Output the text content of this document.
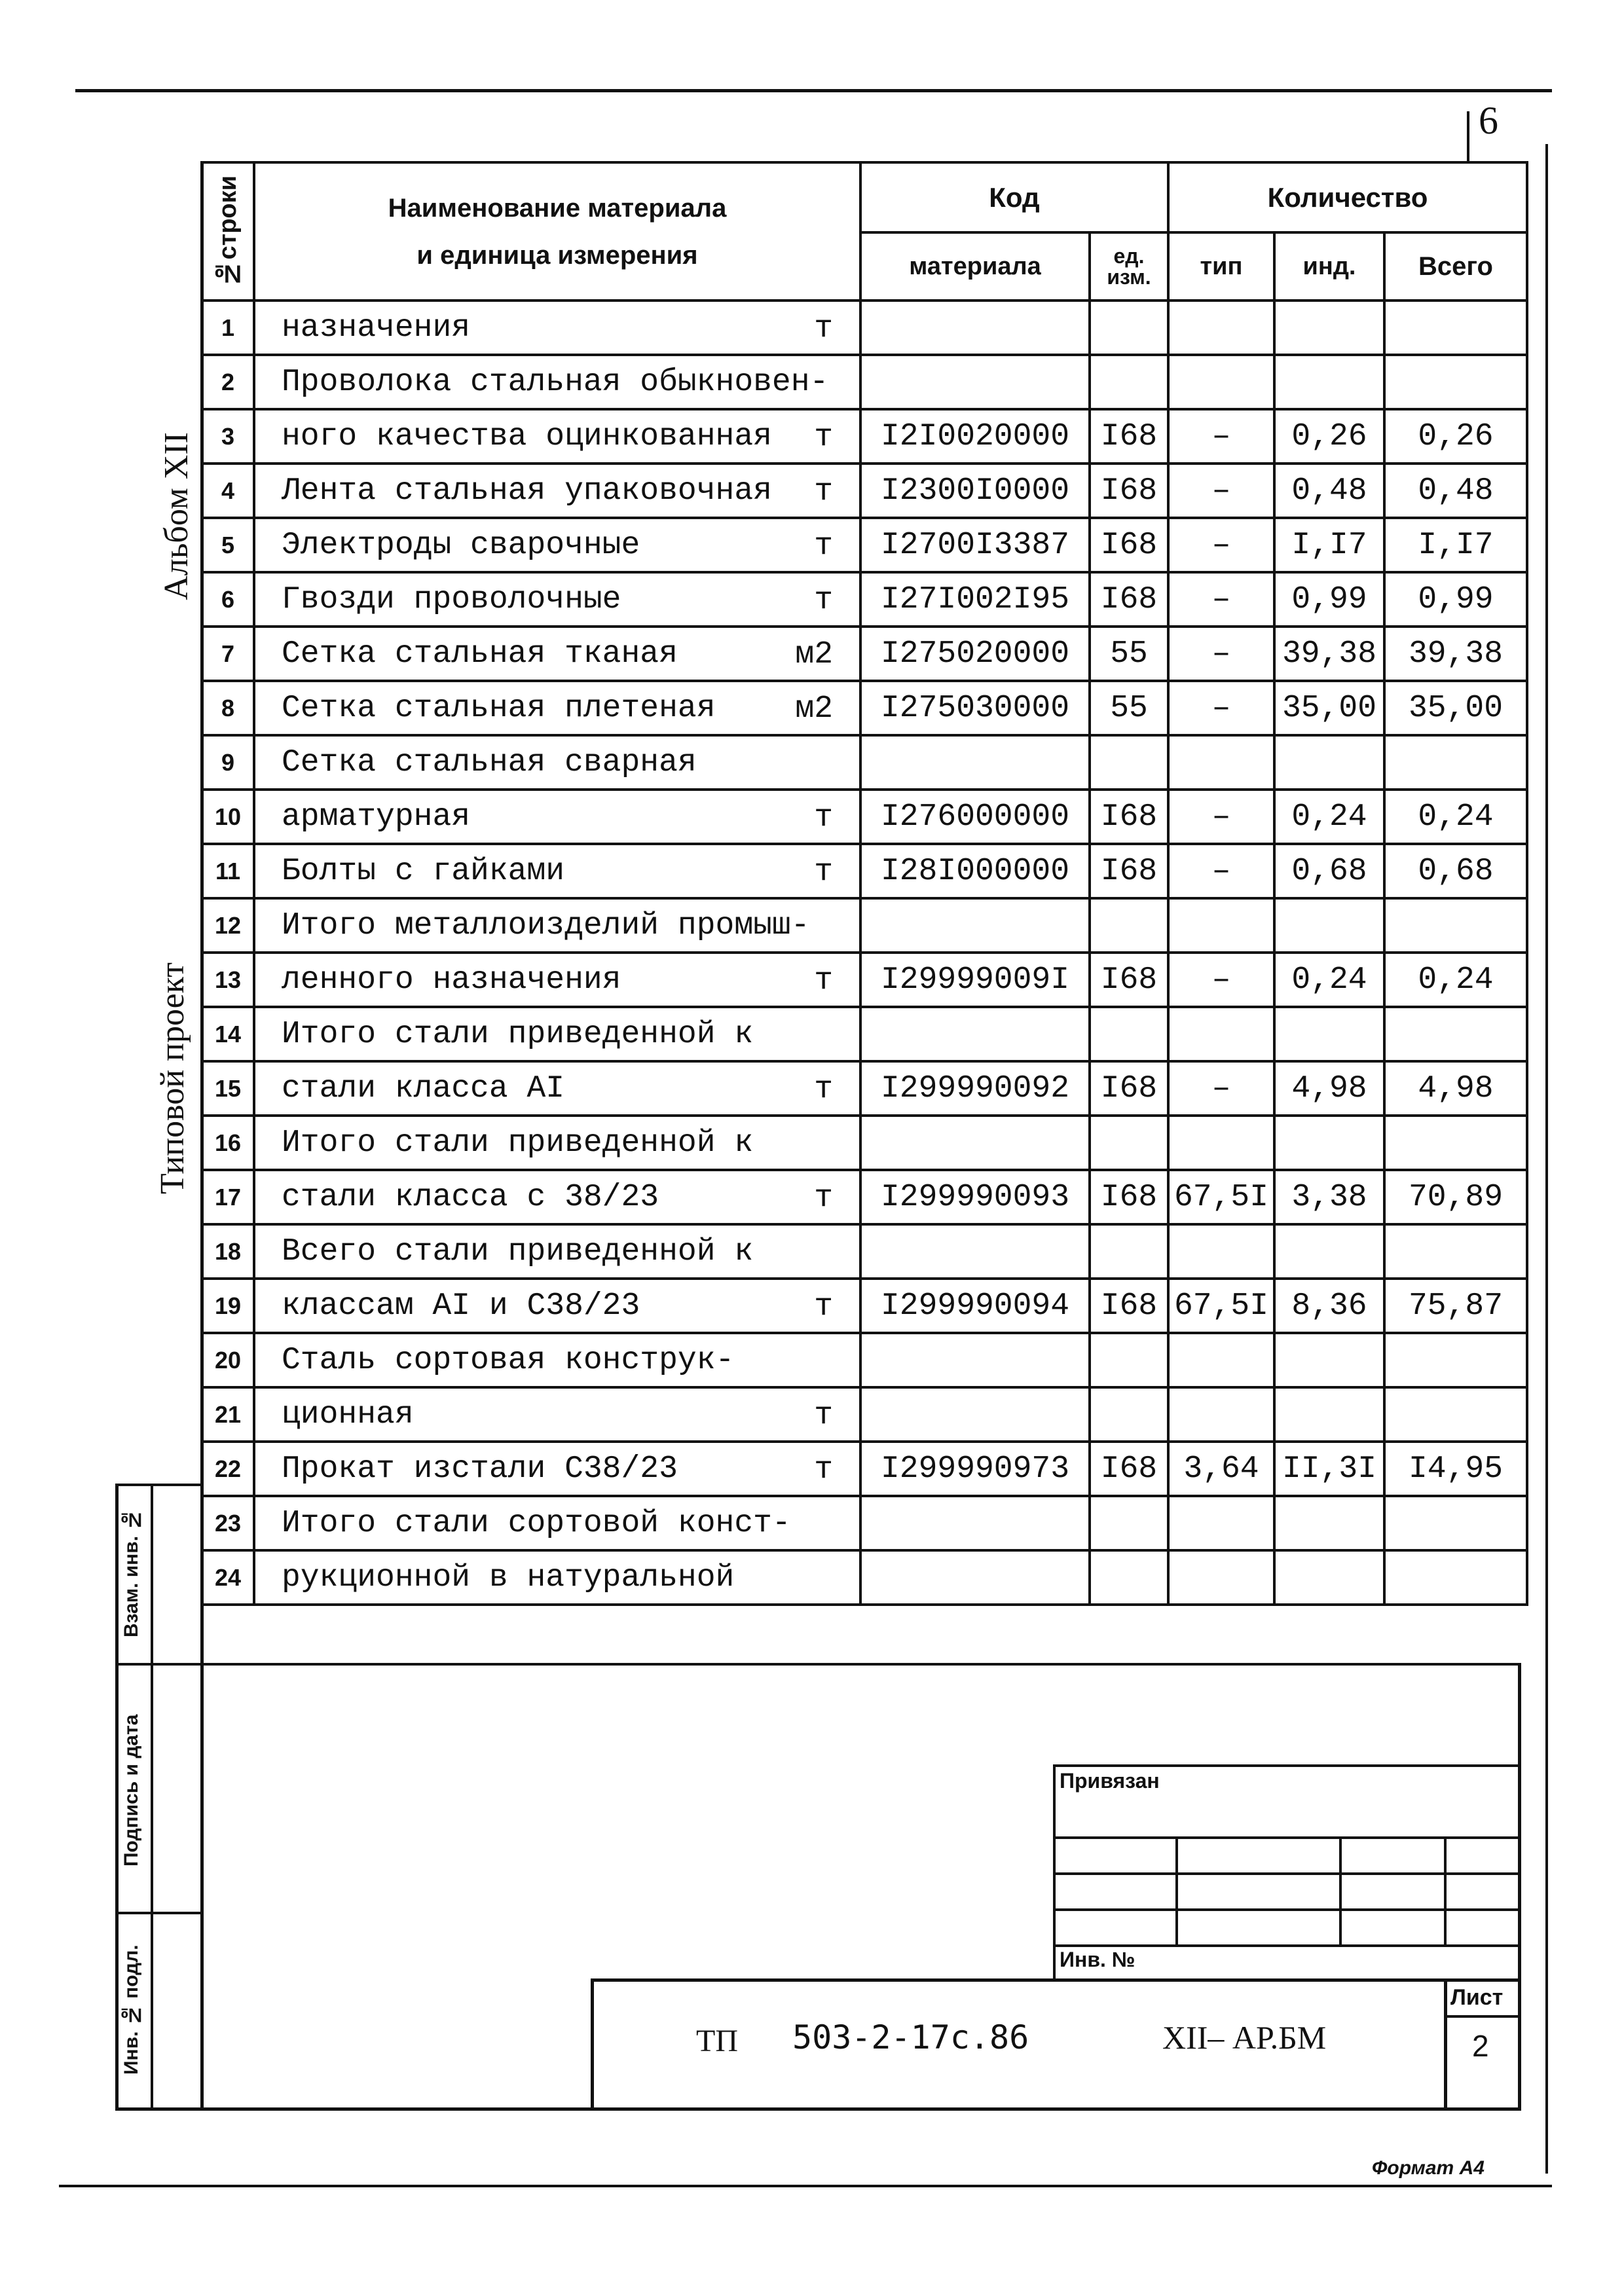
6
Альбом XII
Типовой проект
№строки	Наименование материала
и единица измерения	Код		Количество		
		материала	ед. изм.	тип	инд.	Всего
1	назначения т					

2	Проволока стальная обыкновен-

3	ного качества оцинкованная т	I2I0020000	I68	–	0,26	0,26
4	Лента стальная упаковочная т	I2300I0000	I68	–	0,48	0,48
5	Электроды сварочные т	I2700I3387	I68	–	I,I7	I,I7
6	Гвозди проволочные т	I27I002I95	I68	–	0,99	0,99
7	Сетка стальная тканая м2	I275020000	55	–	39,38	39,38
8	Сетка стальная плетеная м2	I275030000	55	–	35,00	35,00
9	Сетка стальная сварная

10	арматурная т	I276000000	I68	–	0,24	0,24
11	Болты с гайками т	I28I000000	I68	–	0,68	0,68
12	Итого металлоизделий промыш-

13	ленного назначения т	I29999009I	I68	–	0,24	0,24
14	Итого стали приведенной к

15	стали класса AI т	I299990092	I68	–	4,98	4,98
16	Итого стали приведенной к

17	стали класса с 38/23 т	I299990093	I68	67,5I	3,38	70,89
18	Всего стали приведенной к

19	классам AI и С38/23 т	I299990094	I68	67,5I	8,36	75,87
20	Сталь сортовая конструк-

21	ционная т					

22	Прокат изстали С38/23 т	I299990973	I68	3,64	II,3I	I4,95
23	Итого стали сортовой конст-

24	рукционной в натуральной

Взам. инв. №
Подпись и дата
Инв. № подл.
Привязан
Инв. №
Лист
2
ТП 503-2-17с.86	XII– АР.БМ
Формат А4
